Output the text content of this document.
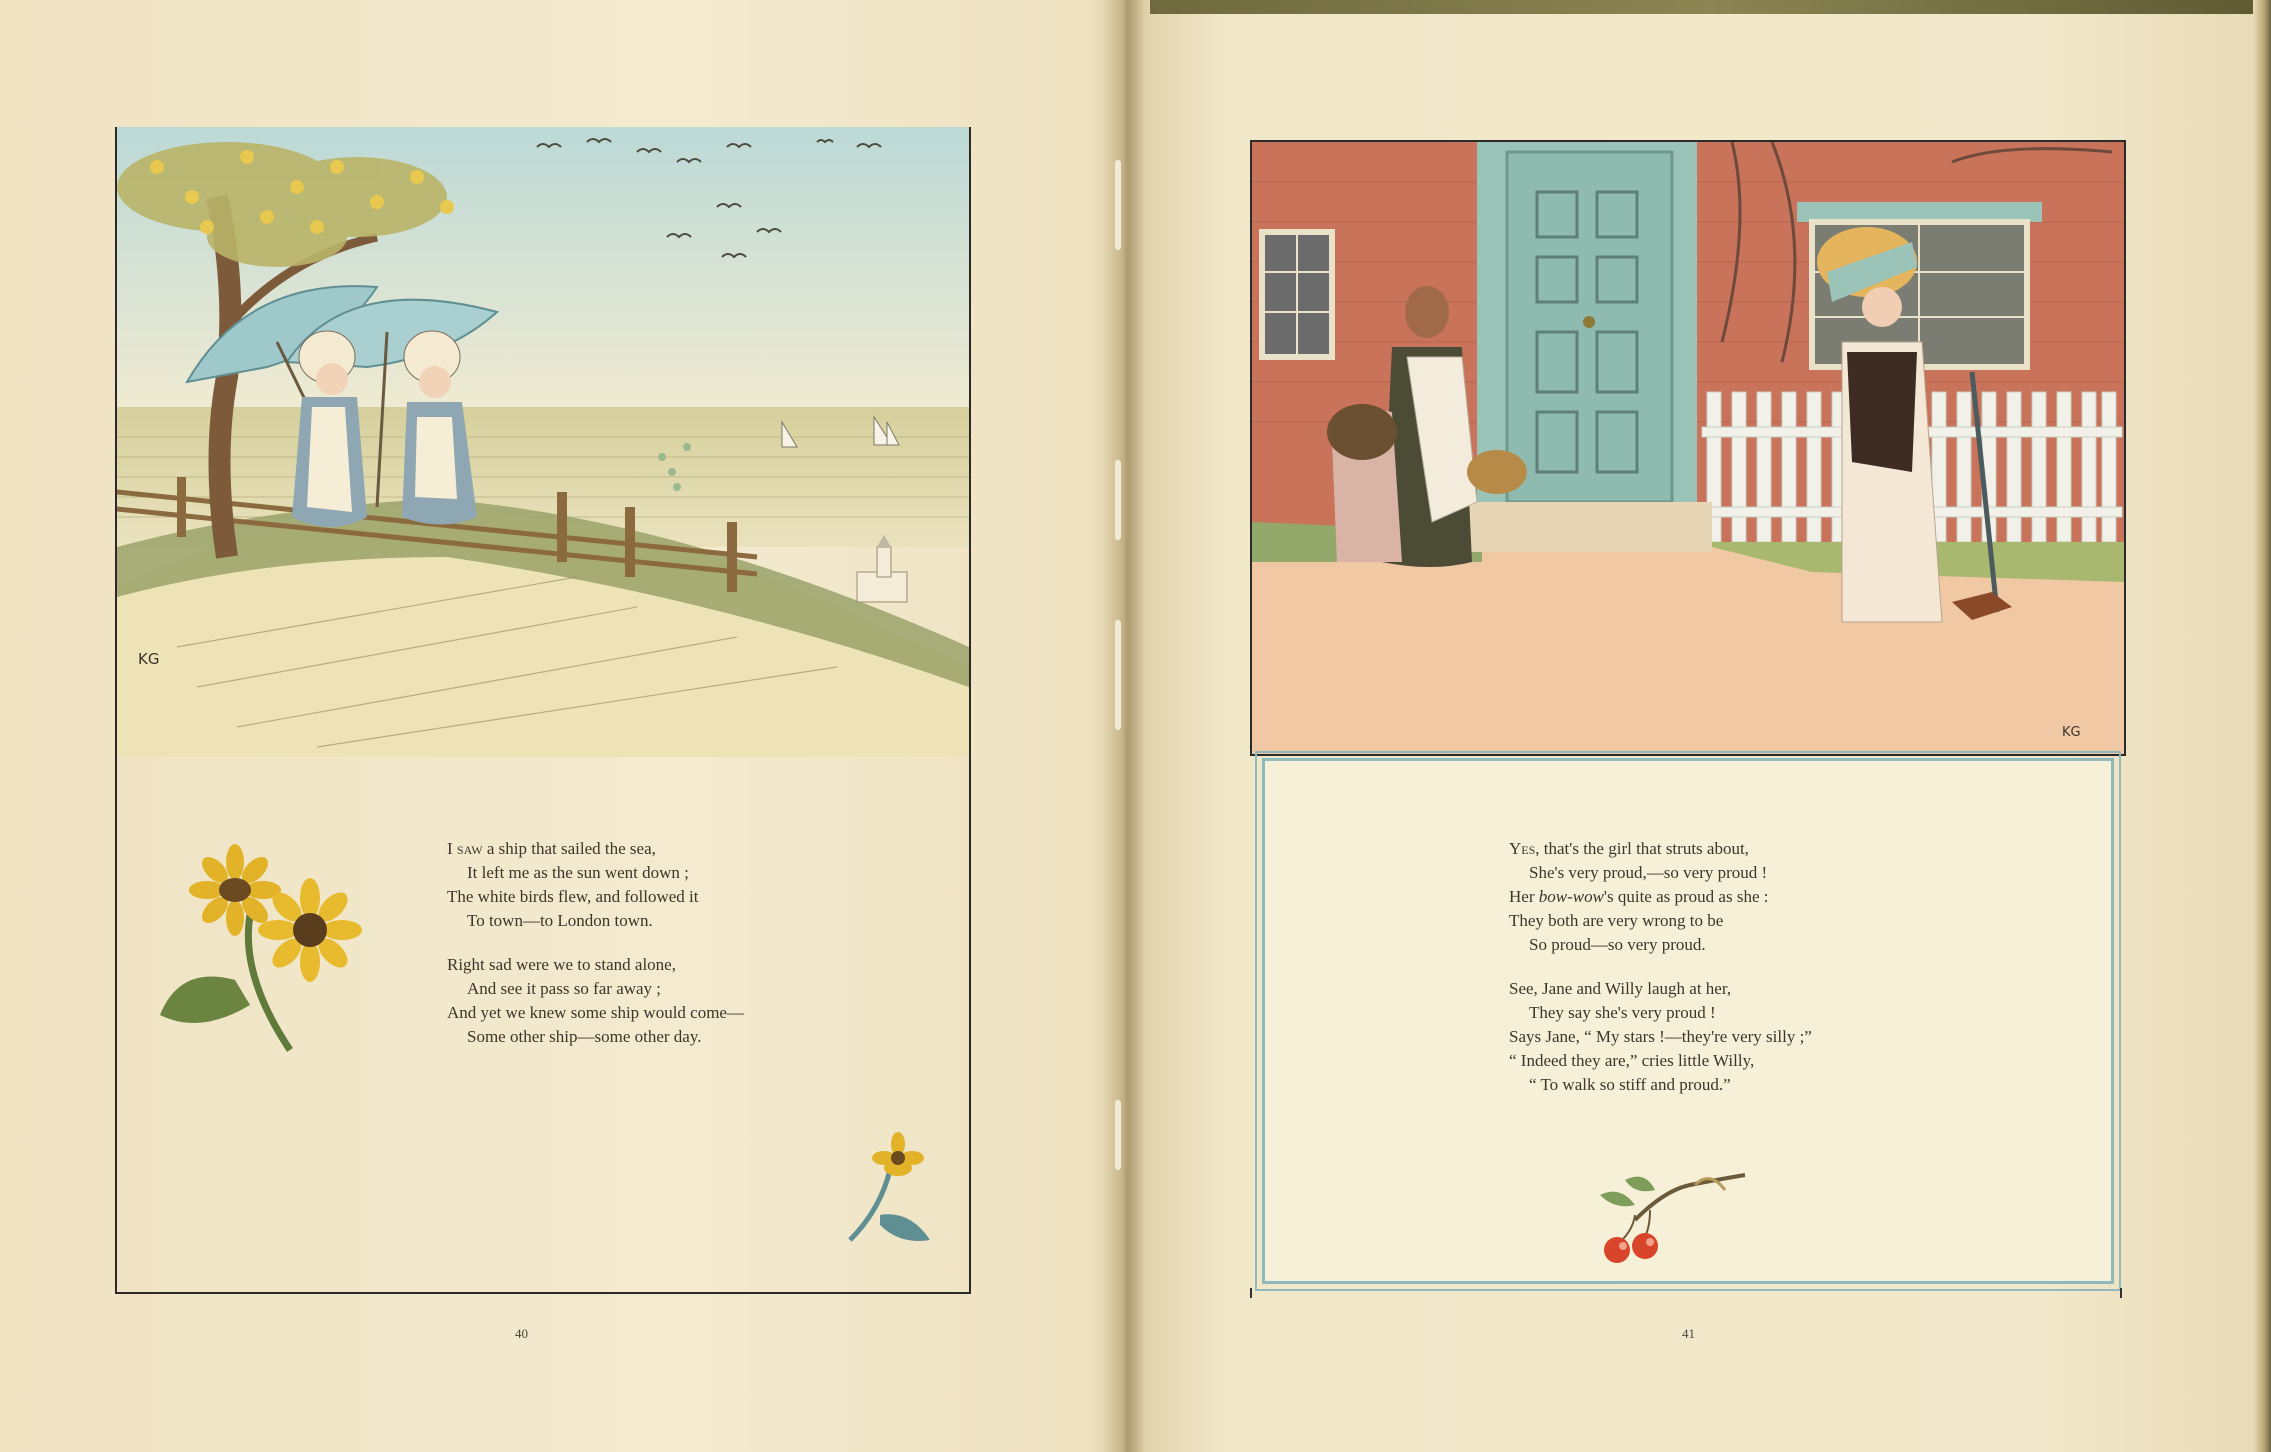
KG
I saw a ship that sailed the sea,
It left me as the sun went down ;
The white birds flew, and followed it
To town—to London town.
Right sad were we to stand alone,
And see it pass so far away ;
And yet we knew some ship would come—
Some other ship—some other day.
40
KG
Yes, that's the girl that struts about,
She's very proud,—so very proud !
Her bow-wow's quite as proud as she :
They both are very wrong to be
So proud—so very proud.
See, Jane and Willy laugh at her,
They say she's very proud !
Says Jane, “ My stars !—they're very silly ;”
“ Indeed they are,” cries little Willy,
“ To walk so stiff and proud.”
41
